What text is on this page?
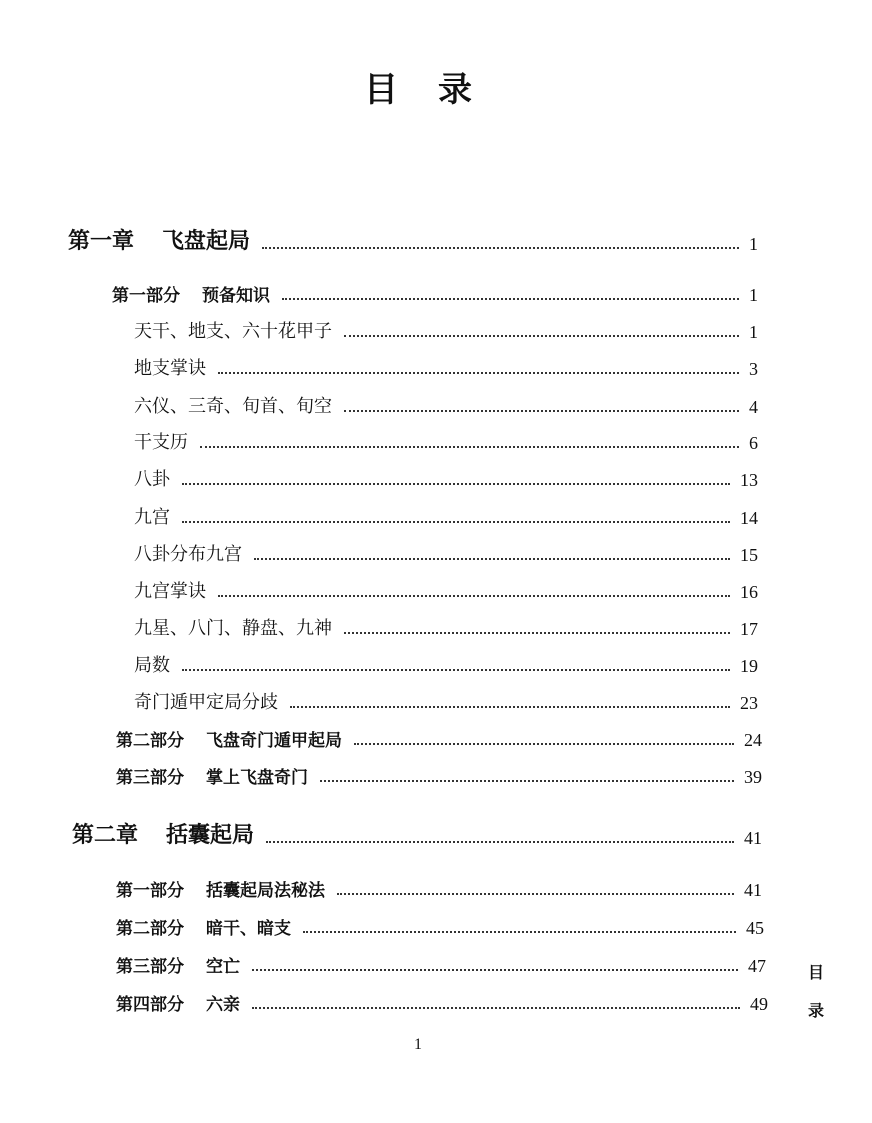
目 录
第一章 飞盘起局	1
第一部分 预备知识	1
天干、地支、六十花甲子	1
地支掌诀	3
六仪、三奇、旬首、旬空	4
干支历	6
八卦	13
九宫	14
八卦分布九宫	15
九宫掌诀	16
九星、八门、静盘、九神	17
局数	19
奇门遁甲定局分歧	23
第二部分 飞盘奇门遁甲起局	24
第三部分 掌上飞盘奇门	39
第二章 括囊起局	41
第一部分 括囊起局法秘法	41
第二部分 暗干、暗支	45
第三部分 空亡	47
第四部分 六亲	49
目
录
1
